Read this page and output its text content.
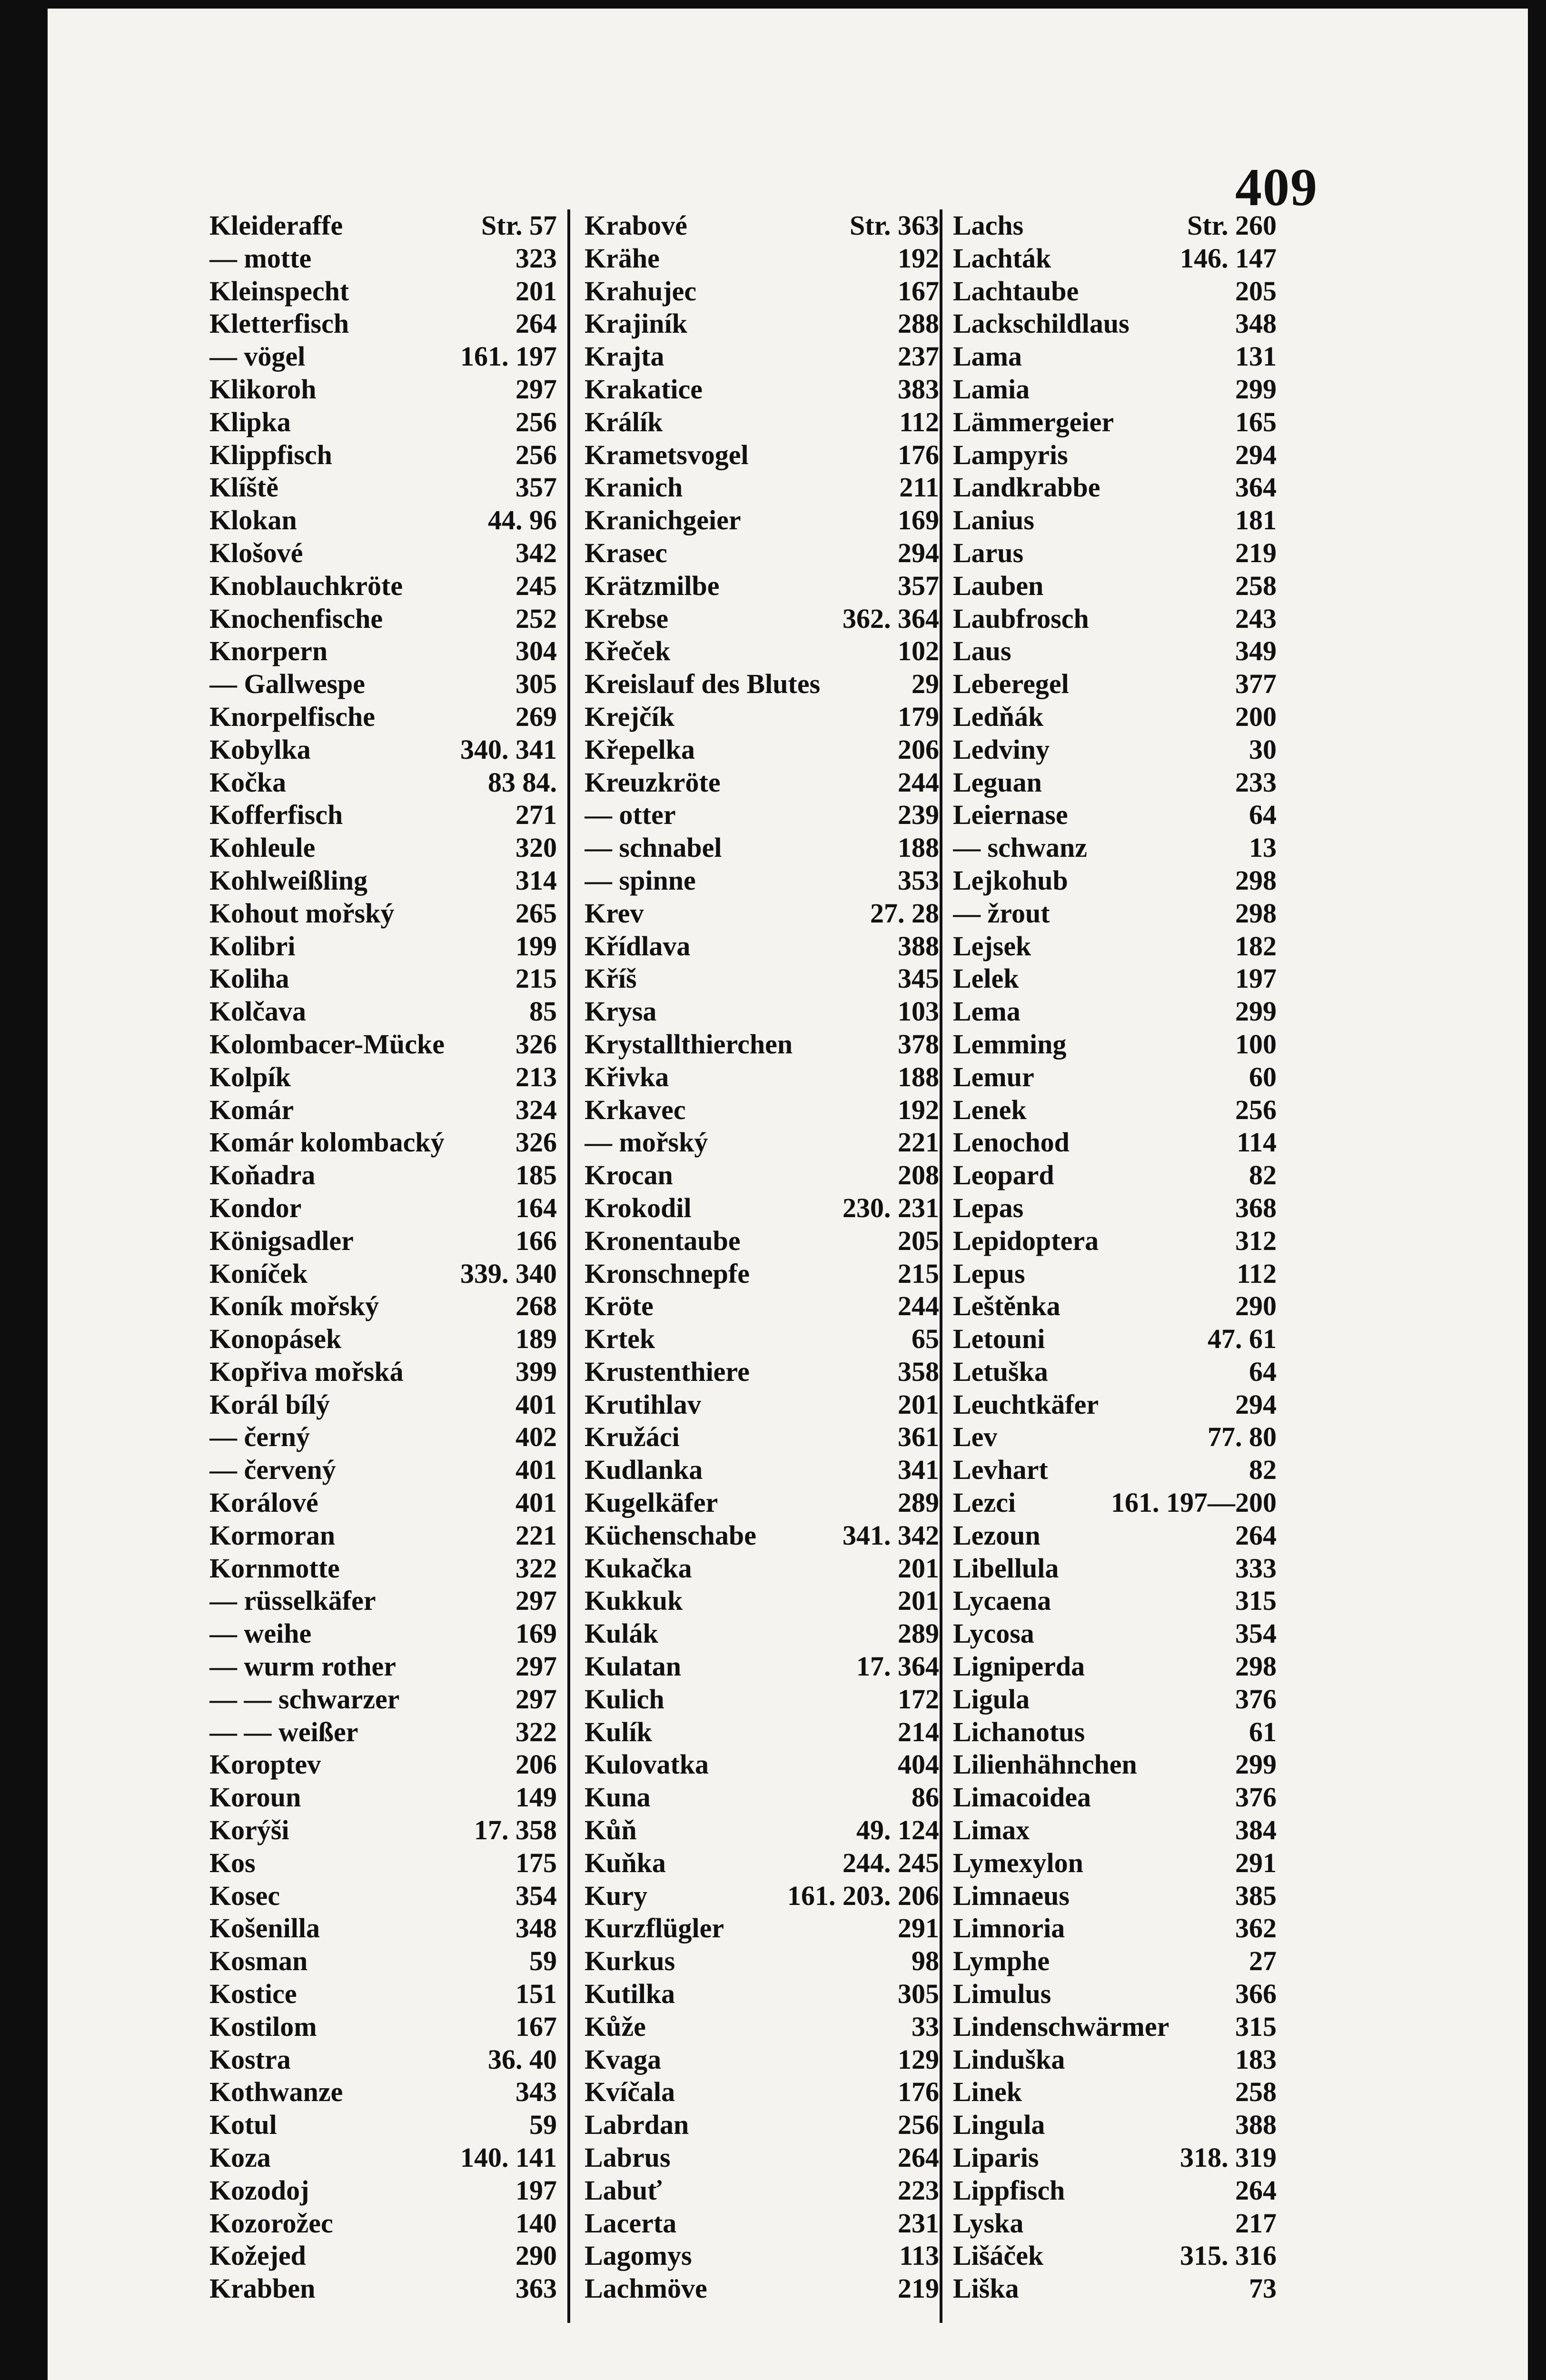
409
Kleideraffe	Str. 57
— motte	323
Kleinspecht	201
Kletterfisch	264
— vögel	161. 197
Klikoroh	297
Klipka	256
Klippfisch	256
Klíště	357
Klokan	44. 96
Klošové	342
Knoblauchkröte	245
Knochenfische	252
Knorpern	304
— Gallwespe	305
Knorpelfische	269
Kobylka	340. 341
Kočka	83 84.
Kofferfisch	271
Kohleule	320
Kohlweißling	314
Kohout mořský	265
Kolibri	199
Koliha	215
Kolčava	85
Kolombacer-Mücke	326
Kolpík	213
Komár	324
Komár kolombacký	326
Koňadra	185
Kondor	164
Königsadler	166
Koníček	339. 340
Koník mořský	268
Konopásek	189
Kopřiva mořská	399
Korál bílý	401
— černý	402
— červený	401
Korálové	401
Kormoran	221
Kornmotte	322
— rüsselkäfer	297
— weihe	169
— wurm rother	297
— — schwarzer	297
— — weißer	322
Koroptev	206
Koroun	149
Korýši	17. 358
Kos	175
Kosec	354
Košenilla	348
Kosman	59
Kostice	151
Kostilom	167
Kostra	36. 40
Kothwanze	343
Kotul	59
Koza	140. 141
Kozodoj	197
Kozorožec	140
Kožejed	290
Krabben	363
Krabové	Str. 363
Krähe	192
Krahujec	167
Krajiník	288
Krajta	237
Krakatice	383
Králík	112
Krametsvogel	176
Kranich	211
Kranichgeier	169
Krasec	294
Krätzmilbe	357
Krebse	362. 364
Křeček	102
Kreislauf des Blutes	29
Krejčík	179
Křepelka	206
Kreuzkröte	244
— otter	239
— schnabel	188
— spinne	353
Krev	27. 28
Křídlava	388
Kříš	345
Krysa	103
Krystallthierchen	378
Křivka	188
Krkavec	192
— mořský	221
Krocan	208
Krokodil	230. 231
Kronentaube	205
Kronschnepfe	215
Kröte	244
Krtek	65
Krustenthiere	358
Krutihlav	201
Kružáci	361
Kudlanka	341
Kugelkäfer	289
Küchenschabe	341. 342
Kukačka	201
Kukkuk	201
Kulák	289
Kulatan	17. 364
Kulich	172
Kulík	214
Kulovatka	404
Kuna	86
Kůň	49. 124
Kuňka	244. 245
Kury	161. 203. 206
Kurzflügler	291
Kurkus	98
Kutilka	305
Kůže	33
Kvaga	129
Kvíčala	176
Labrdan	256
Labrus	264
Labuť	223
Lacerta	231
Lagomys	113
Lachmöve	219
Lachs	Str. 260
Lachták	146. 147
Lachtaube	205
Lackschildlaus	348
Lama	131
Lamia	299
Lämmergeier	165
Lampyris	294
Landkrabbe	364
Lanius	181
Larus	219
Lauben	258
Laubfrosch	243
Laus	349
Leberegel	377
Ledňák	200
Ledviny	30
Leguan	233
Leiernase	64
— schwanz	13
Lejkohub	298
— žrout	298
Lejsek	182
Lelek	197
Lema	299
Lemming	100
Lemur	60
Lenek	256
Lenochod	114
Leopard	82
Lepas	368
Lepidoptera	312
Lepus	112
Leštěnka	290
Letouni	47. 61
Letuška	64
Leuchtkäfer	294
Lev	77. 80
Levhart	82
Lezci	161. 197—200
Lezoun	264
Libellula	333
Lycaena	315
Lycosa	354
Ligniperda	298
Ligula	376
Lichanotus	61
Lilienhähnchen	299
Limacoidea	376
Limax	384
Lymexylon	291
Limnaeus	385
Limnoria	362
Lymphe	27
Limulus	366
Lindenschwärmer 315
Linduška	183
Linek	258
Lingula	388
Liparis	318. 319
Lippfisch	264
Lyska	217
Lišáček	315. 316
Liška	73
